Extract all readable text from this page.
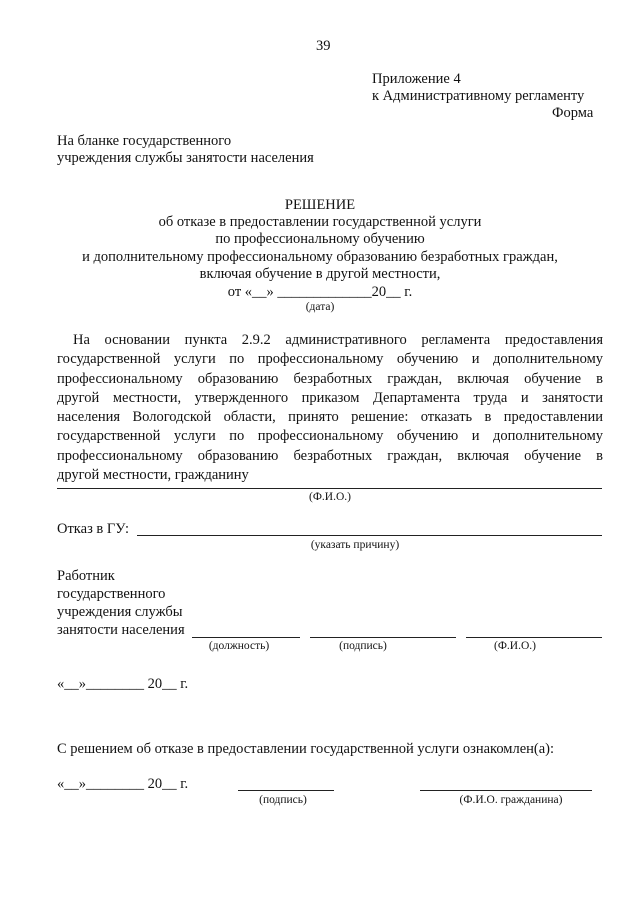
39
Приложение 4
к Административному регламенту
Форма
На бланке государственного
учреждения службы занятости населения
РЕШЕНИЕ
об отказе в предоставлении государственной услуги
по профессиональному обучению
и дополнительному профессиональному образованию безработных граждан,
включая обучение в другой местности,
от «__» _____________20__ г.
(дата)
На основании пункта 2.9.2 административного регламента предоставления
государственной услуги по профессиональному обучению и дополнительному
профессиональному образованию безработных граждан, включая обучение в
другой местности, утвержденного приказом Департамента труда и занятости
населения Вологодской области, принято решение: отказать в предоставлении
государственной услуги по профессиональному обучению и дополнительному
профессиональному образованию безработных граждан, включая обучение в
другой местности, гражданину
(Ф.И.О.)
Отказ в ГУ:
(указать причину)
Работник
государственного
учреждения службы
занятости населения
(должность)	(подпись)	(Ф.И.О.)
«__»________ 20__ г.
С решением об отказе в предоставлении государственной услуги ознакомлен(а):
«__»________ 20__ г.
(подпись)	(Ф.И.О. гражданина)
